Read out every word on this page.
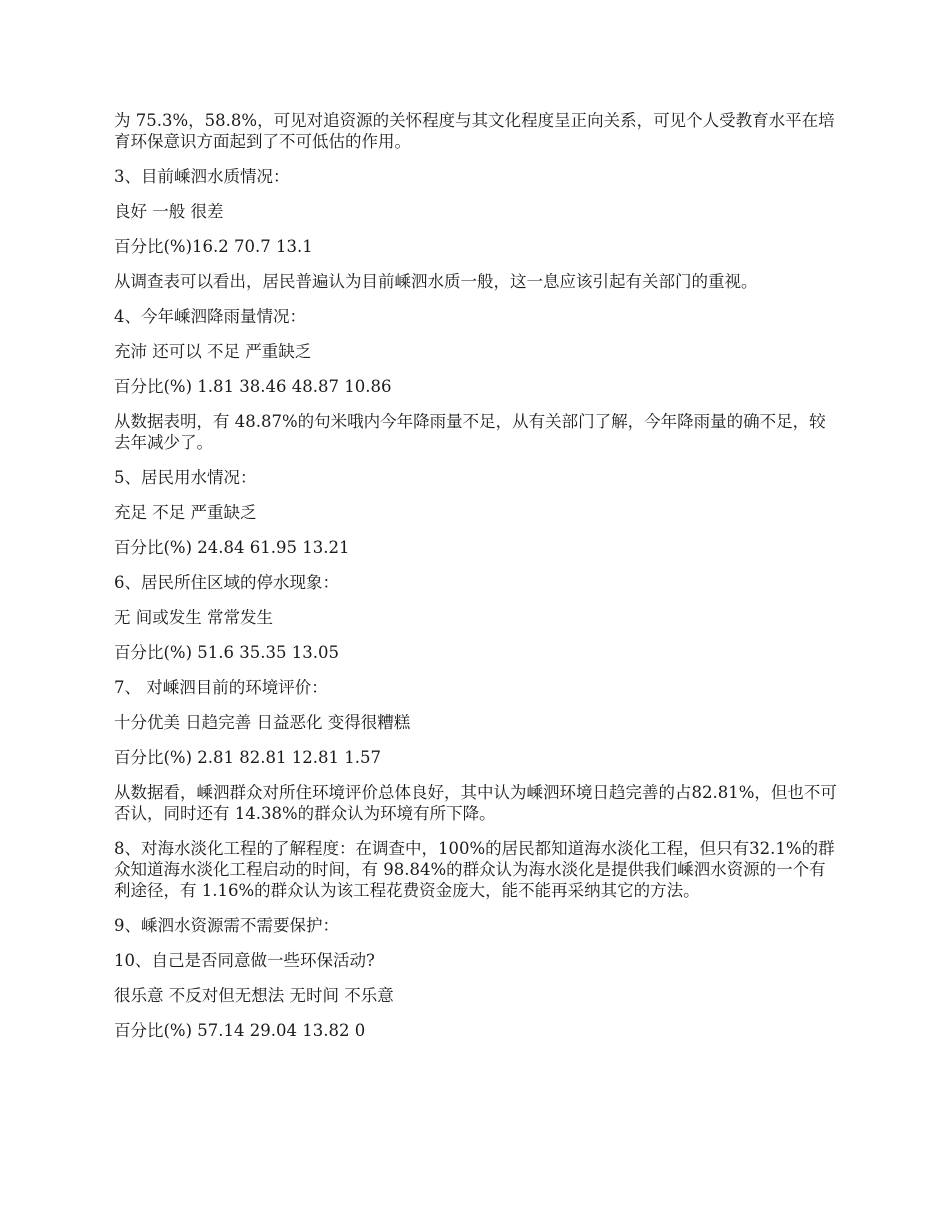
为 75.3%，58.8%，可见对追资源的关怀程度与其文化程度呈正向关系，可见个人受教育水平在培育环保意识方面起到了不可低估的作用。

3、目前嵊泗水质情况：

良好 一般 很差

百分比(%)16.2 70.7 13.1

从调查表可以看出，居民普遍认为目前嵊泗水质一般，这一息应该引起有关部门的重视。

4、今年嵊泗降雨量情况：

充沛 还可以 不足 严重缺乏

百分比(%) 1.81 38.46 48.87 10.86

从数据表明，有 48.87%的句米哦内今年降雨量不足，从有关部门了解，今年降雨量的确不足，较去年减少了。

5、居民用水情况：

充足 不足 严重缺乏

百分比(%) 24.84 61.95 13.21

6、居民所住区域的停水现象：

无 间或发生 常常发生

百分比(%) 51.6 35.35 13.05

7、 对嵊泗目前的环境评价：

十分优美 日趋完善 日益恶化 变得很糟糕

百分比(%) 2.81 82.81 12.81 1.57

从数据看，嵊泗群众对所住环境评价总体良好，其中认为嵊泗环境日趋完善的占82.81%，但也不可否认，同时还有 14.38%的群众认为环境有所下降。

8、对海水淡化工程的了解程度：在调查中，100%的居民都知道海水淡化工程，但只有32.1%的群众知道海水淡化工程启动的时间，有 98.84%的群众认为海水淡化是提供我们嵊泗水资源的一个有利途径，有 1.16%的群众认为该工程花费资金庞大，能不能再采纳其它的方法。

9、嵊泗水资源需不需要保护：

10、自己是否同意做一些环保活动?

很乐意 不反对但无想法 无时间 不乐意

百分比(%) 57.14 29.04 13.82 0
